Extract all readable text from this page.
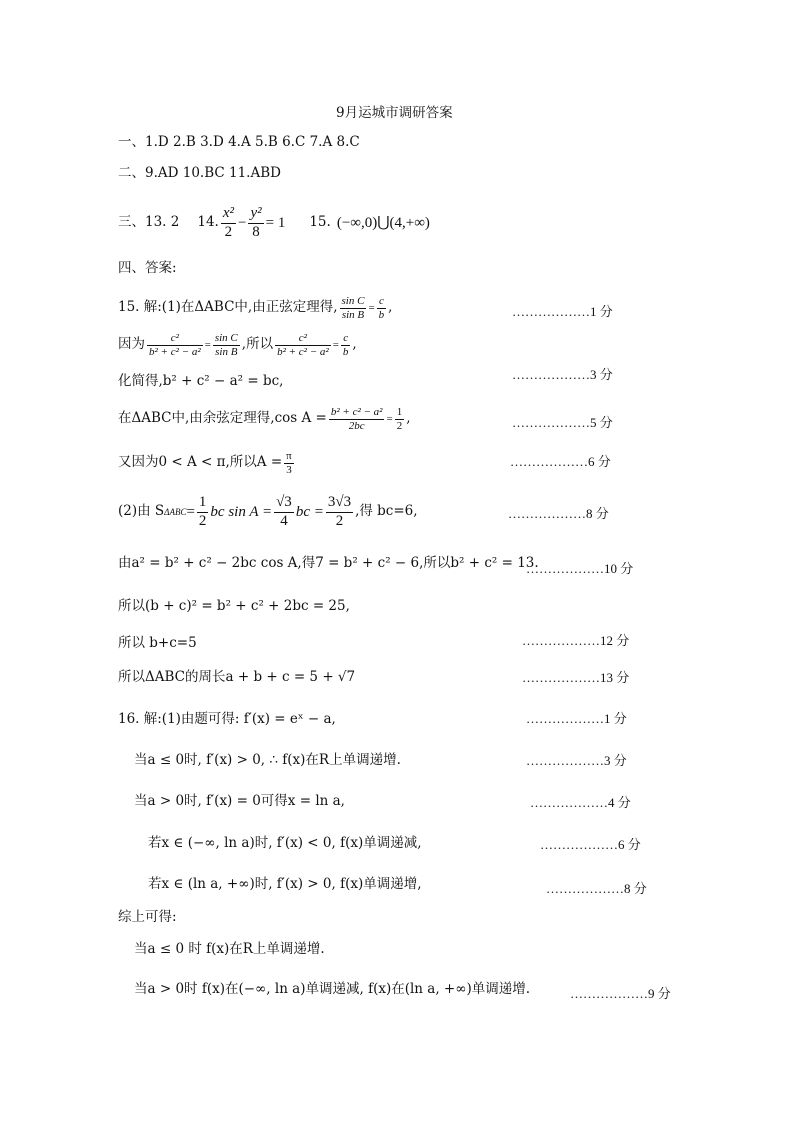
9月运城市调研答案
一、1.D 2.B 3.D 4.A 5.B 6.C 7.A 8.C
二、9.AD 10.BC 11.ABD
三、13. 2 14. $\frac{\text{x²}}{2} - \frac{\text{y²}}{8} = 1$ 15. (−∞,0)⋃(4,+∞)
四、答案:
15. 解:(1)在ΔABC中,由正弦定理得, $\frac{\text{sin C}}{\text{sin B}} = \frac{c}{b}$ ,	………………1 分
因为 $\frac{\text{c²}}{\text{b² + c² − a²}} = \frac{\text{sin C}}{\text{sin B}}$ ,所以 $\frac{\text{c²}}{\text{b² + c² − a²}} = \frac{c}{b}$ ,
化简得,b² + c² − a² = bc,	………………3 分
在ΔABC中,由余弦定理得,cos $A = \frac{\text{b² + c² − a²}}{2bc} = \frac{1}{2}$ ,	………………5 分
又因为0 < A < π,所以$A = \frac{\pi}{3}$	………………6 分
(2)由 S $\Delta ABC = \frac{1}{2}$ bc $\sin A = \frac{√3}{4}$ bc = $\frac{3√3}{2}$ ,得 bc=6,	………………8 分
由a² = b² + c² − 2bc cos A,得7 = b² + c² − 6,所以b² + c² = 13.
………………10 分
所以(b + c)² = b² + c² + 2bc = 25,
所以 b+c=5	………………12 分
所以ΔABC的周长a + b + c = 5 + √7	………………13 分
16. 解:(1)由题可得: f′(x) = eˣ − a,	………………1 分
当a ≤ 0时, f′(x) > 0, ∴ f(x)在R上单调递增.	………………3 分
当a > 0时, f′(x) = 0可得x = ln a,	………………4 分
若x ∈ (−∞, ln a)时, f′(x) < 0, f(x)单调递减,	………………6 分
若x ∈ (ln a, +∞)时, f′(x) > 0, f(x)单调递增,	………………8 分
综上可得:
当a ≤ 0 时 f(x)在R上单调递增.
当a > 0时 f(x)在(−∞, ln a)单调递减, f(x)在(ln a, +∞)单调递增.	………………9 分
